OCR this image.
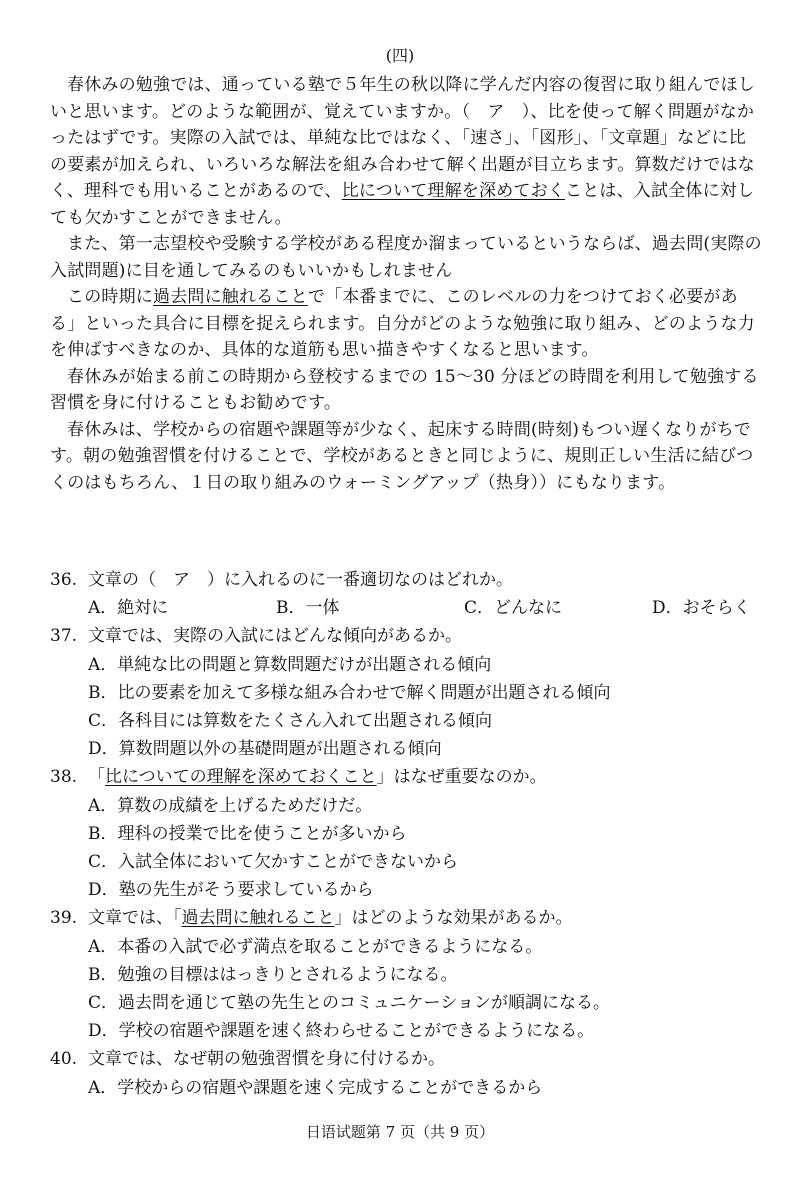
(四)

春休みの勉強では、通っている塾で５年生の秋以降に学んだ内容の復習に取り組んでほしいと思います。どのような範囲が、覚えていますか。（　ア　）、比を使って解く問題がなかったはずです。実際の入試では、単純な比ではなく、「速さ」、「図形」、「文章題」などに比の要素が加えられ、いろいろな解法を組み合わせて解く出題が目立ちます。算数だけではなく、理科でも用いることがあるので、比について理解を深めておくことは、入試全体に対しても欠かすことができません。

また、第一志望校や受験する学校がある程度か溜まっているというならば、過去問(実際の入試問題)に目を通してみるのもいいかもしれません

この時期に過去問に触れることで「本番までに、このレベルの力をつけておく必要がある」といった具合に目標を捉えられます。自分がどのような勉強に取り組み、どのような力を伸ばすべきなのか、具体的な道筋も思い描きやすくなると思います。

春休みが始まる前この時期から登校するまでの 15～30 分ほどの時間を利用して勉強する習慣を身に付けることもお勧めです。

春休みは、学校からの宿題や課題等が少なく、起床する時間(時刻)もつい遅くなりがちです。朝の勉強習慣を付けることで、学校があるときと同じように、規則正しい生活に結びつくのはもちろん、１日の取り組みのウォーミングアップ（热身））にもなります。

36. 文章の（　ア　）に入れるのに一番適切なのはどれか。
A．絶対に	B．一体	C．どんなに	D．おそらく
37. 文章では、実際の入試にはどんな傾向があるか。
A．単純な比の問題と算数問題だけが出題される傾向
B．比の要素を加えて多様な組み合わせで解く問題が出題される傾向
C．各科目には算数をたくさん入れて出題される傾向
D．算数問題以外の基礎問題が出題される傾向
38. 「比についての理解を深めておくこと」はなぜ重要なのか。
A．算数の成績を上げるためだけだ。
B．理科の授業で比を使うことが多いから
C．入試全体において欠かすことができないから
D．塾の先生がそう要求しているから
39. 文章では、「過去問に触れること」はどのような効果があるか。
A．本番の入試で必ず満点を取ることができるようになる。
B．勉強の目標ははっきりとされるようになる。
C．過去問を通じて塾の先生とのコミュニケーションが順調になる。
D．学校の宿題や課題を速く終わらせることができるようになる。
40. 文章では、なぜ朝の勉強習慣を身に付けるか。
A．学校からの宿題や課題を速く完成することができるから
日语试题第 7 页（共 9 页）
